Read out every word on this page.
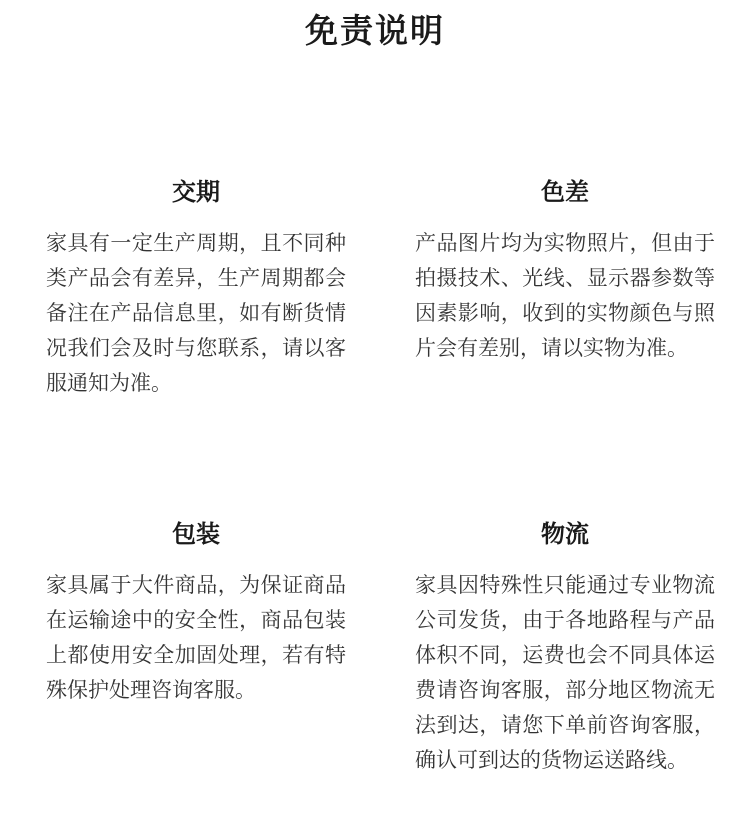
免责说明
交期

家具有一定生产周期，且不同种类产品会有差异，生产周期都会备注在产品信息里，如有断货情况我们会及时与您联系，请以客服通知为准。

色差

产品图片均为实物照片，但由于拍摄技术、光线、显示器参数等因素影响，收到的实物颜色与照片会有差别，请以实物为准。

包装

家具属于大件商品，为保证商品在运输途中的安全性，商品包装上都使用安全加固处理，若有特殊保护处理咨询客服。

物流

家具因特殊性只能通过专业物流公司发货，由于各地路程与产品体积不同，运费也会不同具体运费请咨询客服，部分地区物流无法到达，请您下单前咨询客服，确认可到达的货物运送路线。
